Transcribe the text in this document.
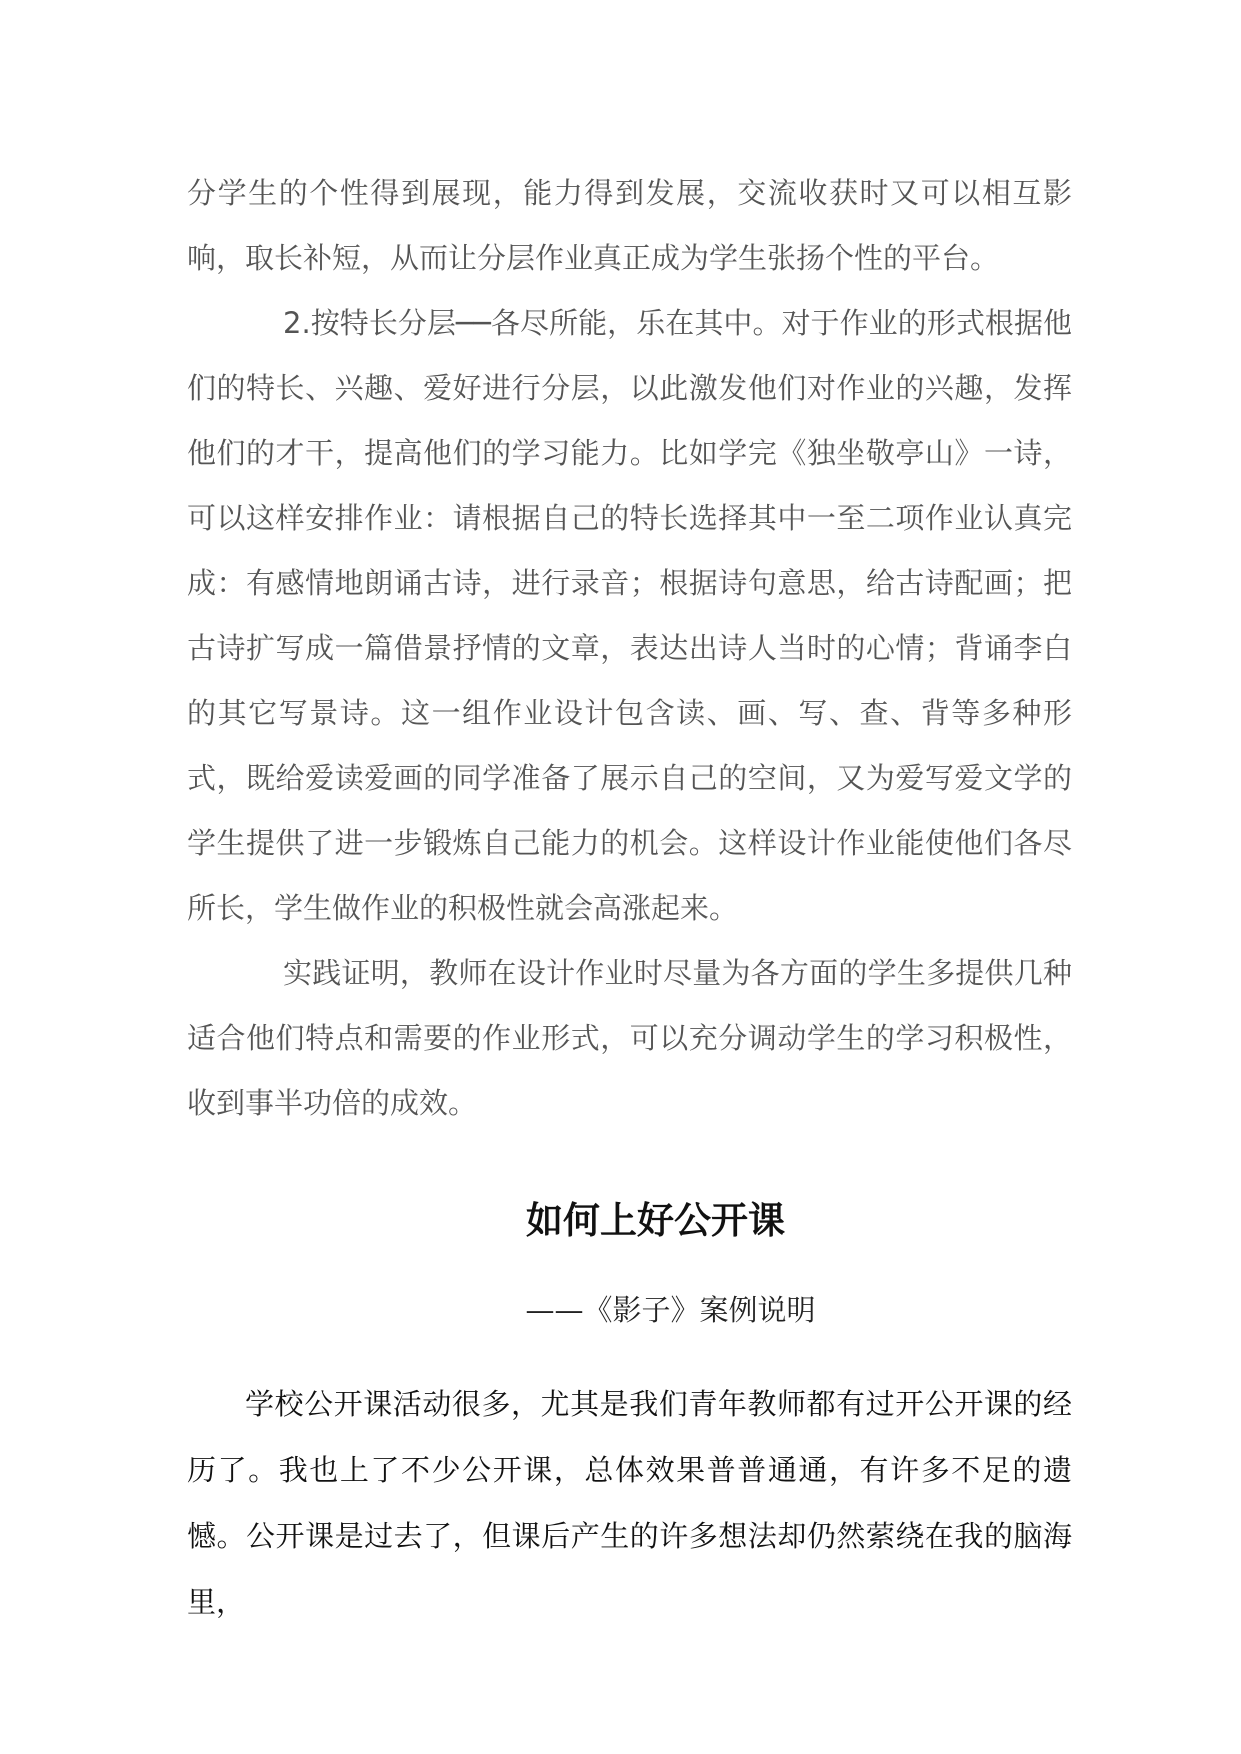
分学生的个性得到展现，能力得到发展，交流收获时又可以相互影响，取长补短，从而让分层作业真正成为学生张扬个性的平台。

2.按特长分层──各尽所能，乐在其中。对于作业的形式根据他们的特长、兴趣、爱好进行分层，以此激发他们对作业的兴趣，发挥他们的才干，提高他们的学习能力。比如学完《独坐敬亭山》一诗，可以这样安排作业：请根据自己的特长选择其中一至二项作业认真完成：有感情地朗诵古诗，进行录音；根据诗句意思，给古诗配画；把古诗扩写成一篇借景抒情的文章，表达出诗人当时的心情；背诵李白的其它写景诗。这一组作业设计包含读、画、写、查、背等多种形式，既给爱读爱画的同学准备了展示自己的空间，又为爱写爱文学的学生提供了进一步锻炼自己能力的机会。这样设计作业能使他们各尽所长，学生做作业的积极性就会高涨起来。

实践证明，教师在设计作业时尽量为各方面的学生多提供几种适合他们特点和需要的作业形式，可以充分调动学生的学习积极性，收到事半功倍的成效。

如何上好公开课
——《影子》案例说明

学校公开课活动很多，尤其是我们青年教师都有过开公开课的经历了。我也上了不少公开课，总体效果普普通通，有许多不足的遗憾。公开课是过去了，但课后产生的许多想法却仍然萦绕在我的脑海里，
